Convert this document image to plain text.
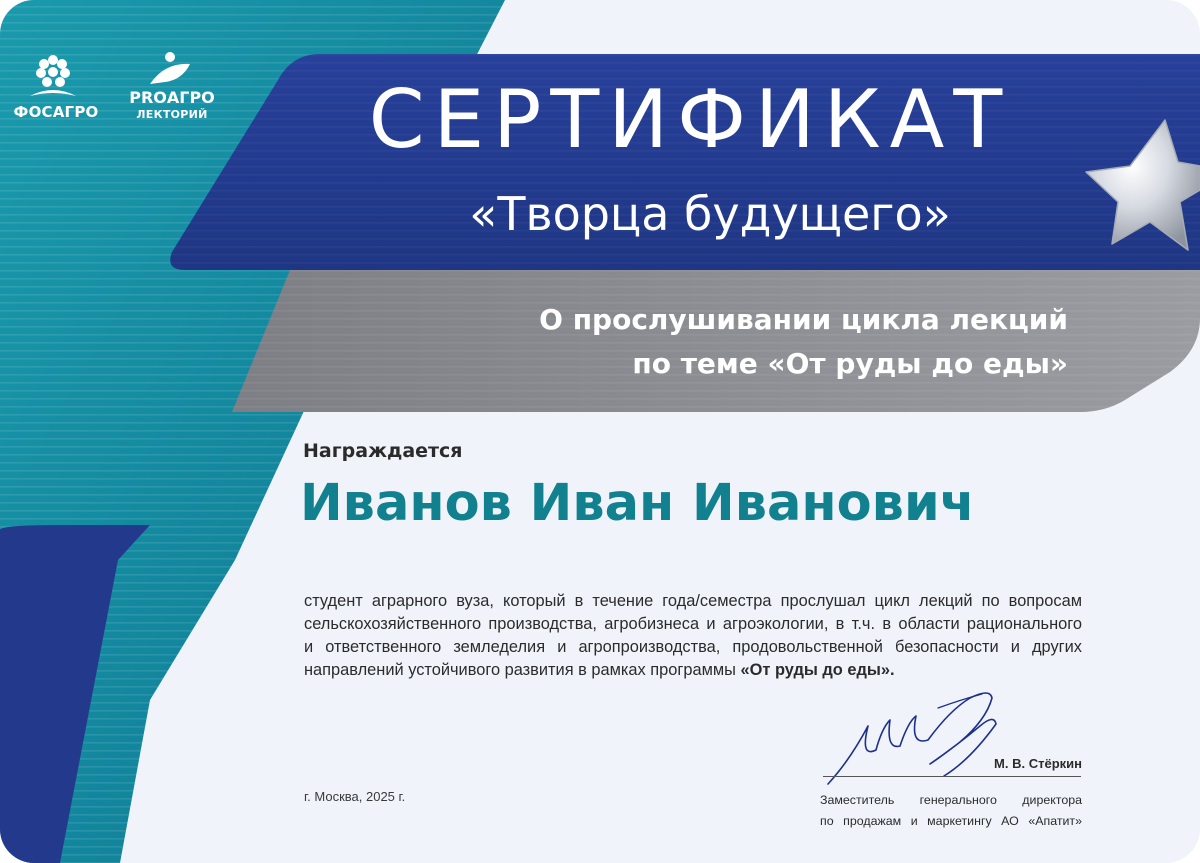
ФОСАГРО
PROАГРО
ЛЕКТОРИЙ	СЕРТИФИКАТ
«Творца будущего»
О прослушивании цикла лекций
по теме «От руды до еды»
Награждается
Иванов Иван Иванович
студент аграрного вуза, который в течение года/семестра прослушал цикл лекций по вопросам
сельскохозяйственного производства, агробизнеса и агроэкологии, в т.ч. в области рационального
и ответственного земледелия и агропроизводства, продовольственной безопасности и других
направлений устойчивого развития в рамках программы «От руды до еды».
г. Москва, 2025 г.
М. В. Стёркин
Заместитель генерального директора
по продажам и маркетингу АО «Апатит»
